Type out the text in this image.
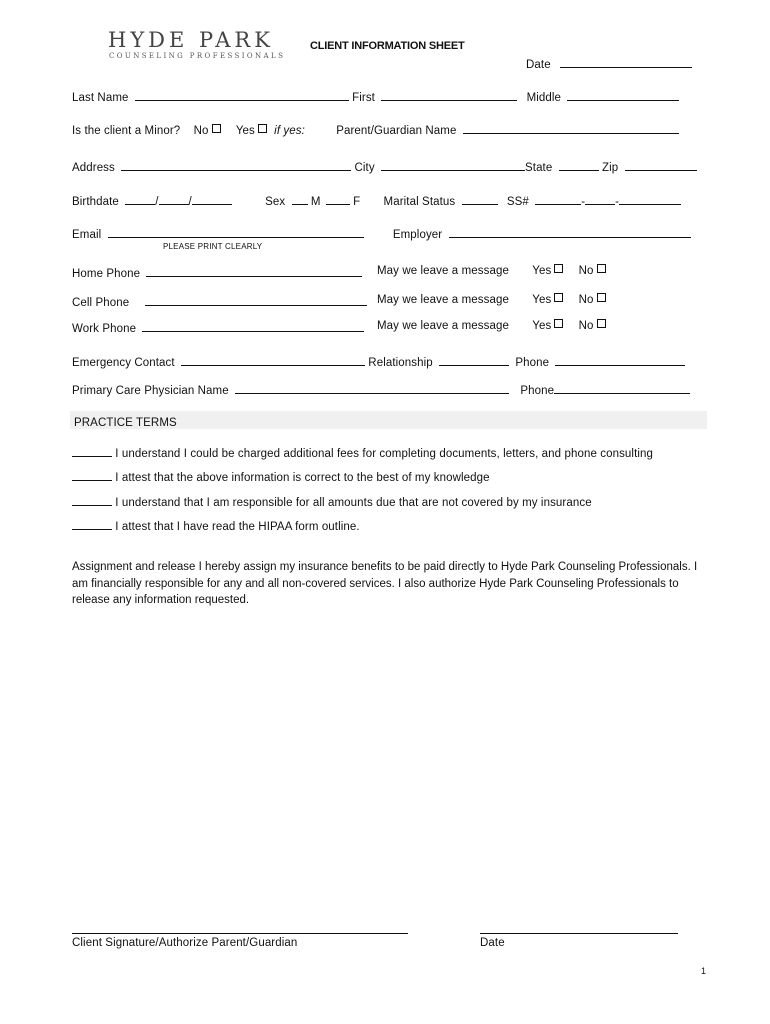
HYDE PARK
COUNSELING PROFESSIONALS
CLIENT INFORMATION SHEET
Date
Last Name	First	Middle
Is the client a Minor? No Yes if yes:	Parent/Guardian Name
Address	City	State	Zip
Birthdate	/	/	Sex M	F Marital Status	SS#	-	-
Email	Employer
PLEASE PRINT CLEARLY
Home Phone	May we leave a message Yes No
Cell Phone	May we leave a message Yes No
Work Phone	May we leave a message Yes No
Emergency Contact	Relationship	Phone
Primary Care Physician Name	Phone
PRACTICE TERMS
I understand I could be charged additional fees for completing documents, letters, and phone consulting
I attest that the above information is correct to the best of my knowledge
I understand that I am responsible for all amounts due that are not covered by my insurance
I attest that I have read the HIPAA form outline.
Assignment and release I hereby assign my insurance benefits to be paid directly to Hyde Park Counseling Professionals. I am financially responsible for any and all non-covered services. I also authorize Hyde Park Counseling Professionals to release any information requested.
Client Signature/Authorize Parent/Guardian	Date
1
